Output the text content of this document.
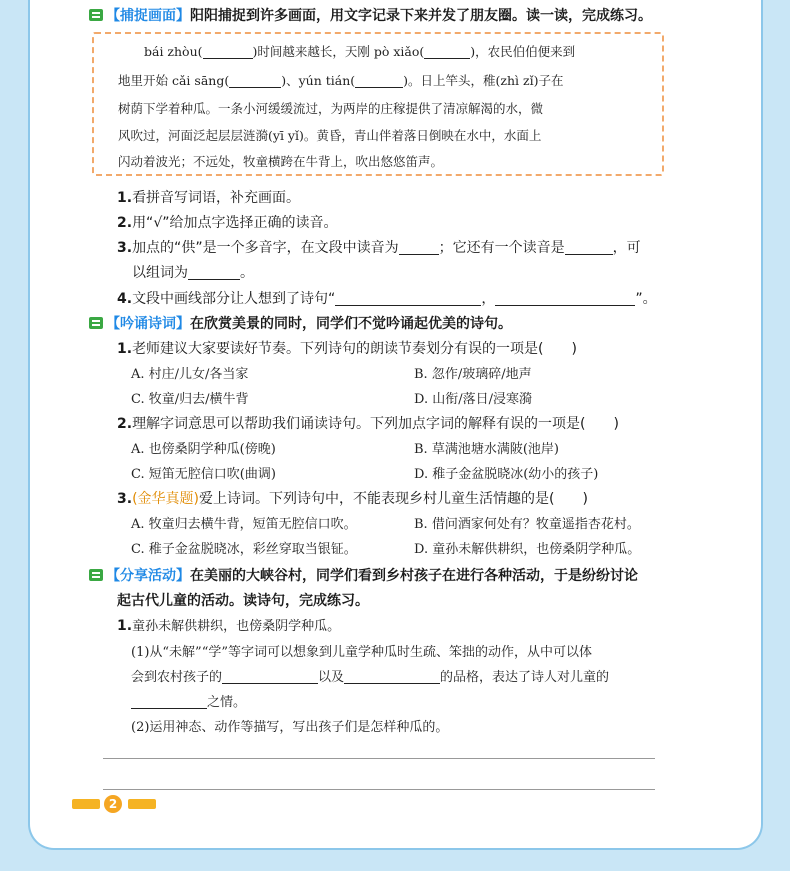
【捕捉画面】阳阳捕捉到许多画面，用文字记录下来并发了朋友圈。读一读，完成练习。
bái zhòu(	)时间越来越长，天刚 pò xiǎo(	)，农民伯伯便来到
地里开始 cǎi sāng(	)、yún tián(	)。日上竿头，稚(zhì zǐ)子在
树荫下学着种瓜。一条小河缓缓流过，为两岸的庄稼提供了清凉解渴的水，微
风吹过，河面泛起层层涟漪(yī yǐ)。黄昏，青山伴着落日倒映在水中，水面上
闪动着波光；不远处，牧童横跨在牛背上，吹出悠悠笛声。
1.看拼音写词语，补充画面。
2.用“√”给加点字选择正确的读音。
3.加点的“供”是一个多音字，在文段中读音为	；它还有一个读音是	，可
以组词为	。
4.文段中画线部分让人想到了诗句“	，	”。
【吟诵诗词】在欣赏美景的同时，同学们不觉吟诵起优美的诗句。
1.老师建议大家要读好节奏。下列诗句的朗读节奏划分有误的一项是(　　)
A. 村庄/儿女/各当家	B. 忽作/玻璃碎/地声
C. 牧童/归去/横牛背	D. 山衔/落日/浸寒漪
2.理解字词意思可以帮助我们诵读诗句。下列加点字词的解释有误的一项是(　　)
A. 也傍桑阴学种瓜(傍晚)	B. 草满池塘水满陂(池岸)
C. 短笛无腔信口吹(曲调)	D. 稚子金盆脱晓冰(幼小的孩子)
3.(金华真题)爱上诗词。下列诗句中，不能表现乡村儿童生活情趣的是(　　)
A. 牧童归去横牛背，短笛无腔信口吹。	B. 借问酒家何处有？牧童遥指杏花村。
C. 稚子金盆脱晓冰，彩丝穿取当银钲。	D. 童孙未解供耕织，也傍桑阴学种瓜。
【分享活动】在美丽的大峡谷村，同学们看到乡村孩子在进行各种活动，于是纷纷讨论
起古代儿童的活动。读诗句，完成练习。
1.童孙未解供耕织，也傍桑阴学种瓜。
(1)从“未解”“学”等字词可以想象到儿童学种瓜时生疏、笨拙的动作，从中可以体
会到农村孩子的	以及	的品格，表达了诗人对儿童的
之情。
(2)运用神态、动作等描写，写出孩子们是怎样种瓜的。
2
